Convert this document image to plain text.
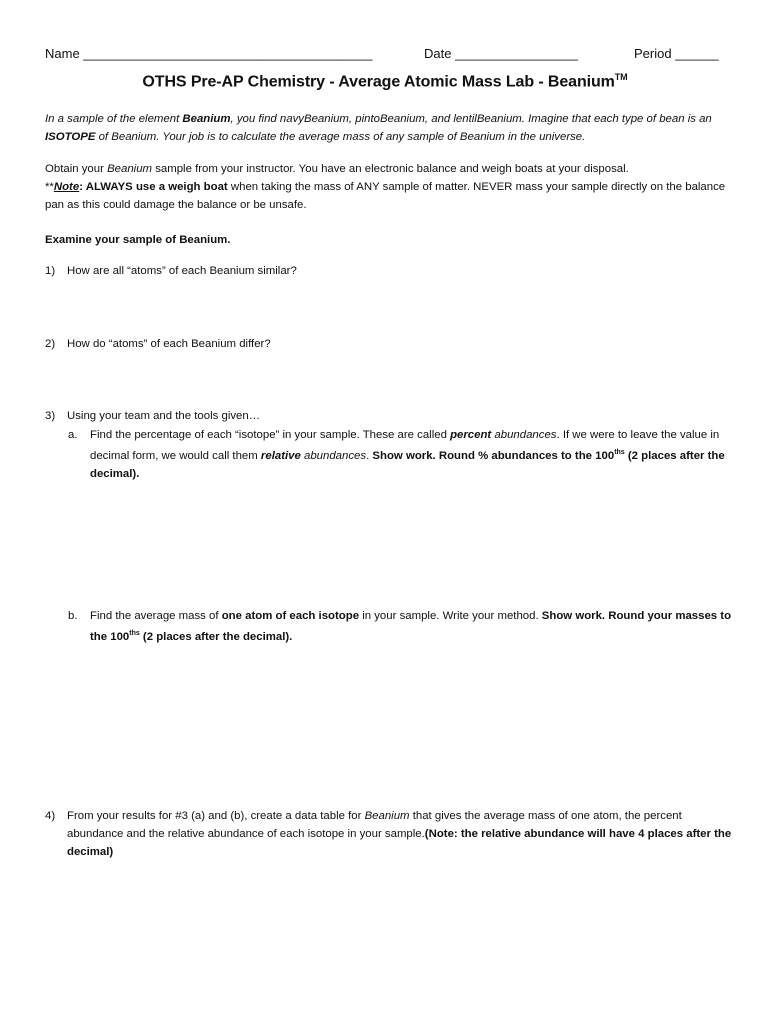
Name ________________________________________	Date _________________	Period ______
OTHS Pre-AP Chemistry - Average Atomic Mass Lab - Beanium™
In a sample of the element Beanium, you find navyBeanium, pintoBeanium, and lentilBeanium. Imagine that each type of bean is an ISOTOPE of Beanium. Your job is to calculate the average mass of any sample of Beanium in the universe.
Obtain your Beanium sample from your instructor. You have an electronic balance and weigh boats at your disposal.
**Note: ALWAYS use a weigh boat when taking the mass of ANY sample of matter. NEVER mass your sample directly on the balance pan as this could damage the balance or be unsafe.
Examine your sample of Beanium.
1) How are all “atoms” of each Beanium similar?
2) How do “atoms” of each Beanium differ?
3) Using your team and the tools given…
a. Find the percentage of each “isotope” in your sample. These are called percent abundances. If we were to leave the value in decimal form, we would call them relative abundances. Show work. Round % abundances to the $100^{ths}$ (2 places after the decimal).
b. Find the average mass of one atom of each isotope in your sample. Write your method. Show work. Round your masses to the $100^{ths}$ (2 places after the decimal).
4) From your results for #3 (a) and (b), create a data table for Beanium that gives the average mass of one atom, the percent abundance and the relative abundance of each isotope in your sample.(Note: the relative abundance will have 4 places after the decimal)
